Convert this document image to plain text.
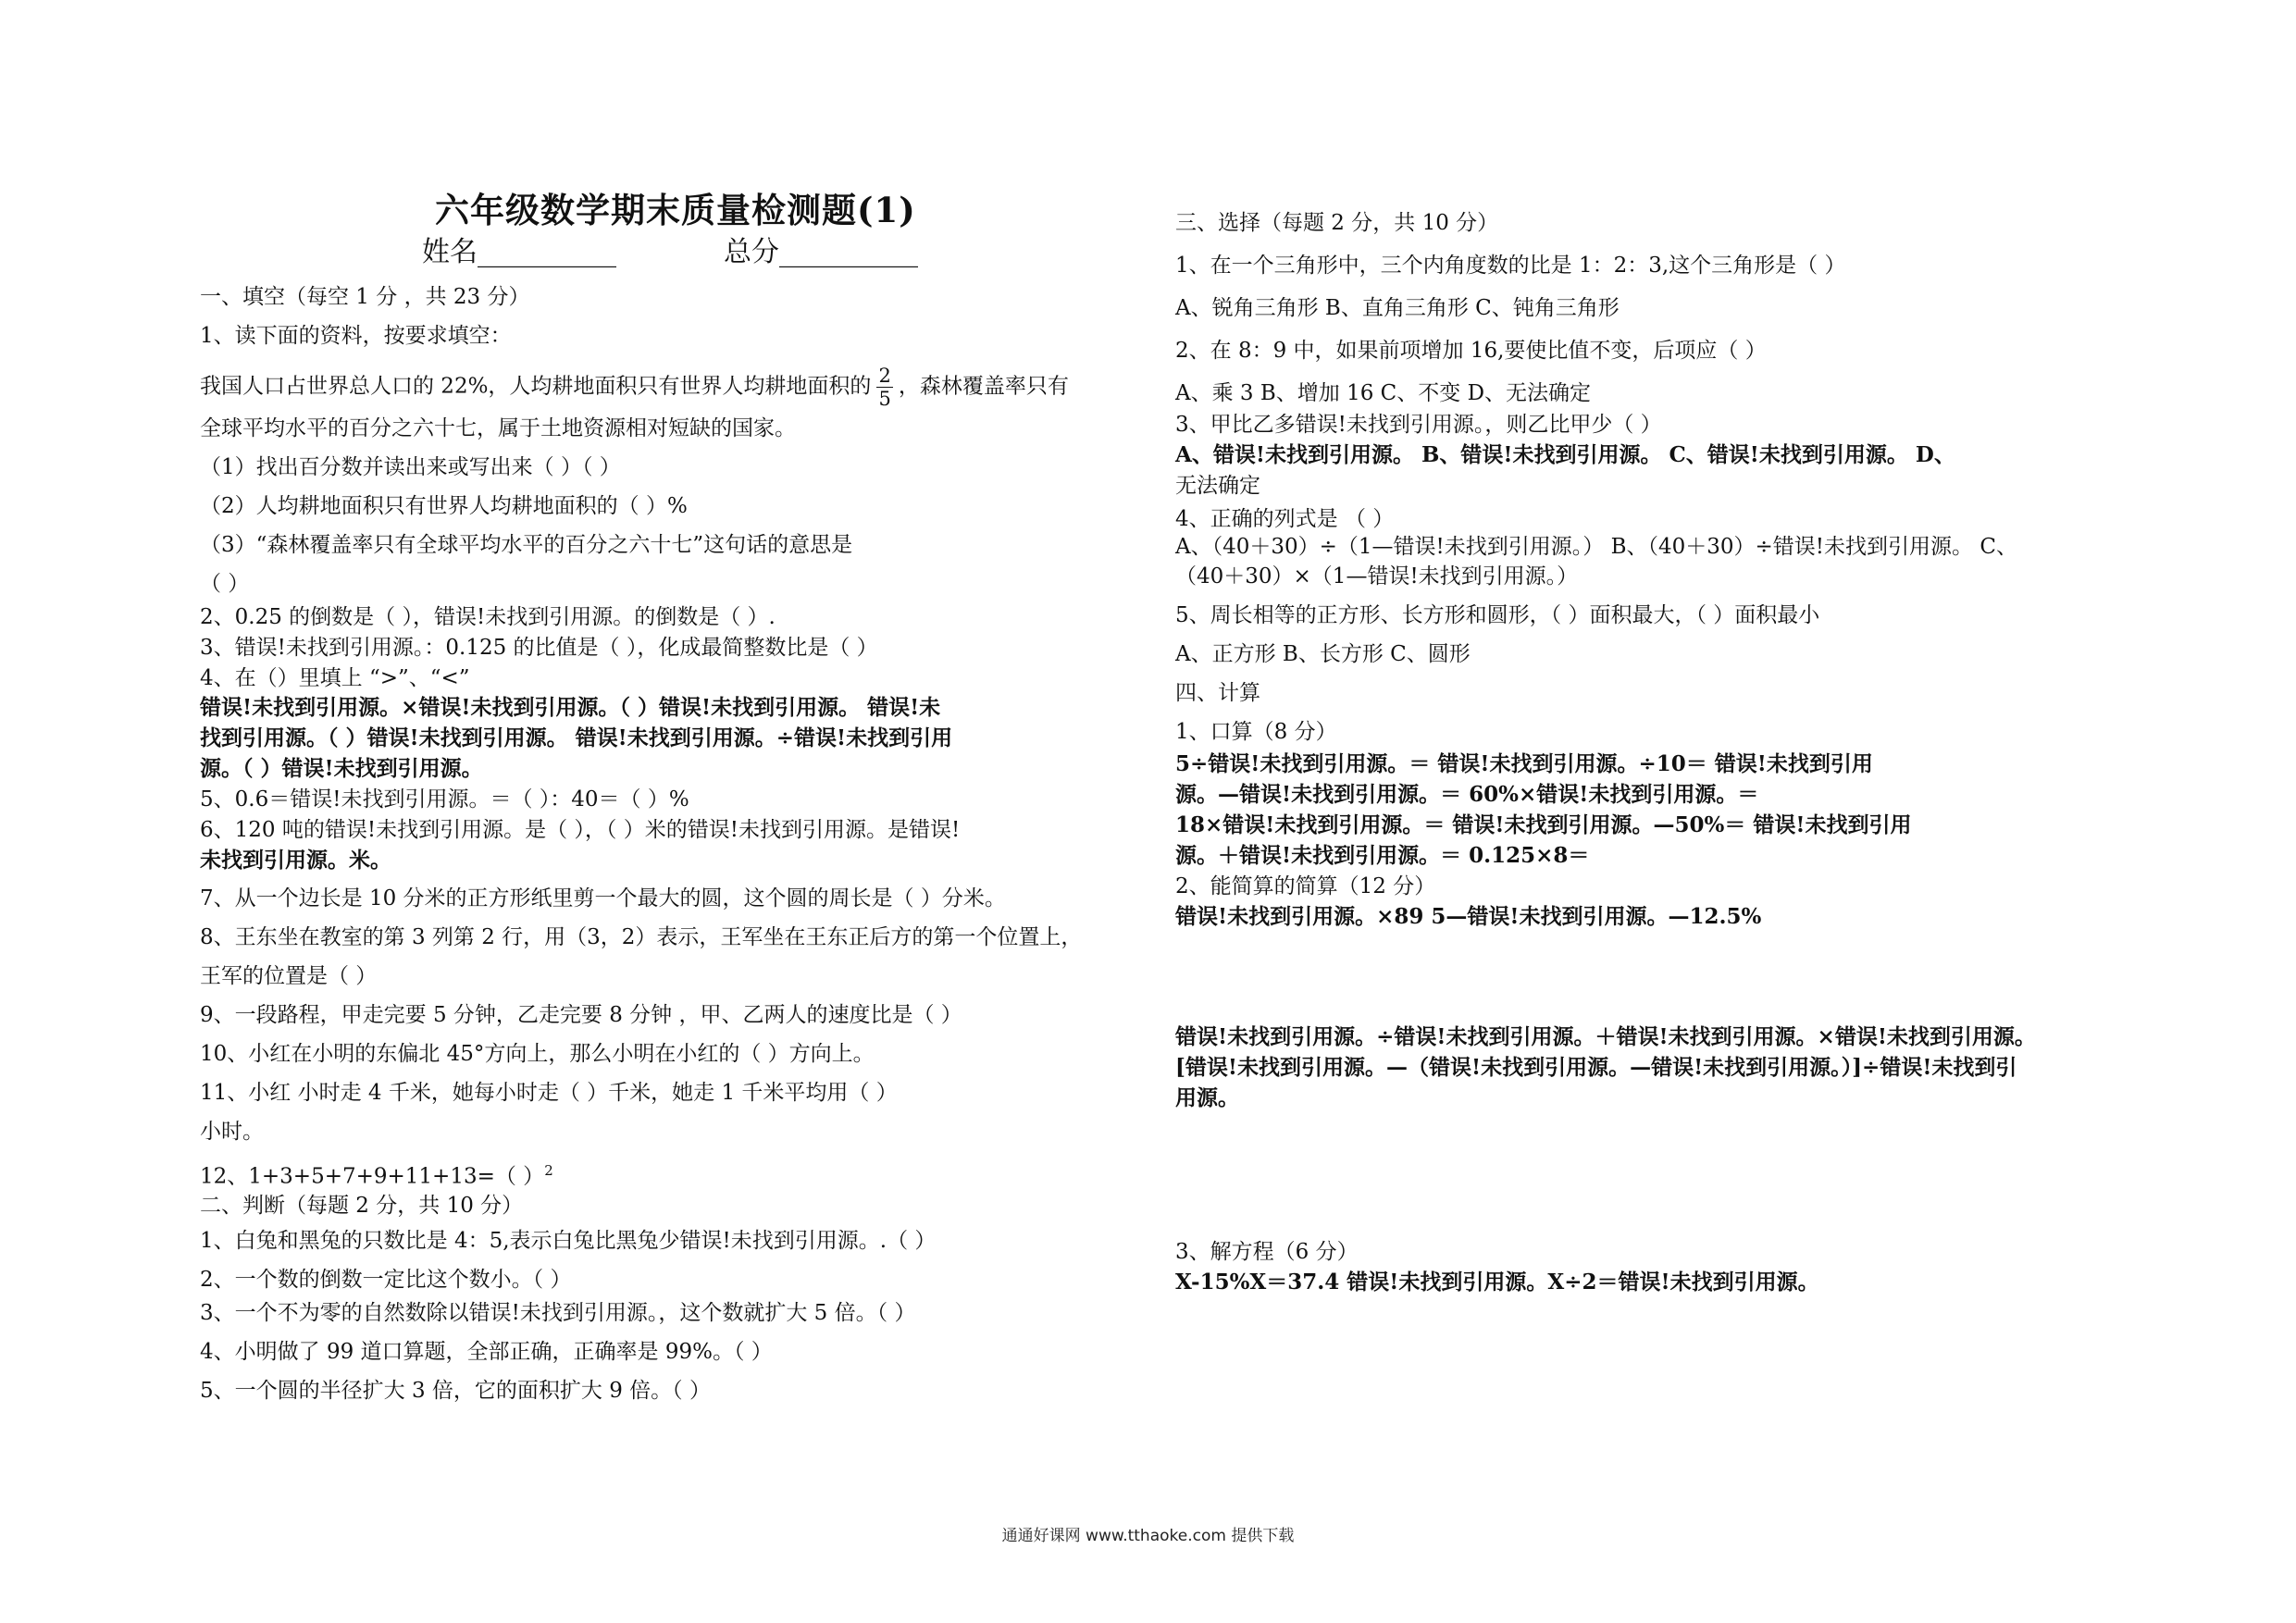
六年级数学期末质量检测题(1)
姓名__________	总分__________
一、填空（每空 1 分 ，共 23 分）
1、读下面的资料，按要求填空：
我国人口占世界总人口的 22%，人均耕地面积只有世界人均耕地面积的 $\frac{2}{5}$ ，森林覆盖率只有
全球平均水平的百分之六十七，属于土地资源相对短缺的国家。
（1）找出百分数并读出来或写出来（ ）（ ）
（2）人均耕地面积只有世界人均耕地面积的（ ）%
（3）“森林覆盖率只有全球平均水平的百分之六十七”这句话的意思是
（ ）
2、0.25 的倒数是（ ），错误!未找到引用源。的倒数是（ ）.
3、错误!未找到引用源。：0.125 的比值是（ ），化成最简整数比是（ ）
4、在（）里填上 “>”、“<”
错误!未找到引用源。×错误!未找到引用源。（ ）错误!未找到引用源。 错误!未
找到引用源。（ ）错误!未找到引用源。 错误!未找到引用源。÷错误!未找到引用
源。（ ）错误!未找到引用源。
5、0.6＝错误!未找到引用源。＝（ ）：40＝（ ）%
6、120 吨的错误!未找到引用源。是（ ），（ ）米的错误!未找到引用源。是错误!
未找到引用源。米。
7、从一个边长是 10 分米的正方形纸里剪一个最大的圆，这个圆的周长是（ ）分米。
8、王东坐在教室的第 3 列第 2 行，用（3，2）表示，王军坐在王东正后方的第一个位置上，
王军的位置是（ ）
9、一段路程，甲走完要 5 分钟，乙走完要 8 分钟 ，甲、乙两人的速度比是（ ）
10、小红在小明的东偏北 45°方向上，那么小明在小红的（ ）方向上。
11、小红 小时走 4 千米，她每小时走（ ）千米，她走 1 千米平均用（ ）
小时。
12、1+3+5+7+9+11+13=（ ）$^2$
二、判断（每题 2 分，共 10 分）
1、白兔和黑兔的只数比是 4：5,表示白兔比黑兔少错误!未找到引用源。.（ ）
2、一个数的倒数一定比这个数小。（ ）
3、一个不为零的自然数除以错误!未找到引用源。，这个数就扩大 5 倍。（ ）
4、小明做了 99 道口算题，全部正确，正确率是 99%。（ ）
5、一个圆的半径扩大 3 倍，它的面积扩大 9 倍。（ ）
三、选择（每题 2 分，共 10 分）
1、在一个三角形中，三个内角度数的比是 1：2：3,这个三角形是（ ）
A、锐角三角形 B、直角三角形 C、钝角三角形
2、在 8：9 中，如果前项增加 16,要使比值不变，后项应（ ）
A、乘 3 B、增加 16 C、不变 D、无法确定
3、甲比乙多错误!未找到引用源。，则乙比甲少（ ）
A、错误!未找到引用源。 B、错误!未找到引用源。 C、错误!未找到引用源。 D、
无法确定
4、正确的列式是 （ ）
A、（40＋30）÷（1—错误!未找到引用源。） B、（40＋30）÷错误!未找到引用源。 C、
（40＋30）×（1—错误!未找到引用源。）
5、周长相等的正方形、长方形和圆形，（ ）面积最大，（ ）面积最小
A、正方形 B、长方形 C、圆形
四、计算
1、口算（8 分）
5÷错误!未找到引用源。＝ 错误!未找到引用源。÷10＝ 错误!未找到引用
源。—错误!未找到引用源。＝ 60%×错误!未找到引用源。＝
18×错误!未找到引用源。＝ 错误!未找到引用源。—50%＝ 错误!未找到引用
源。＋错误!未找到引用源。＝ 0.125×8＝
2、能简算的简算（12 分）
错误!未找到引用源。×89 5—错误!未找到引用源。—12.5%
错误!未找到引用源。÷错误!未找到引用源。＋错误!未找到引用源。×错误!未找到引用源。
[错误!未找到引用源。—（错误!未找到引用源。—错误!未找到引用源。）]÷错误!未找到引
用源。
3、解方程（6 分）
X-15%X＝37.4 错误!未找到引用源。X÷2＝错误!未找到引用源。
通通好课网 www.tthaoke.com 提供下载
